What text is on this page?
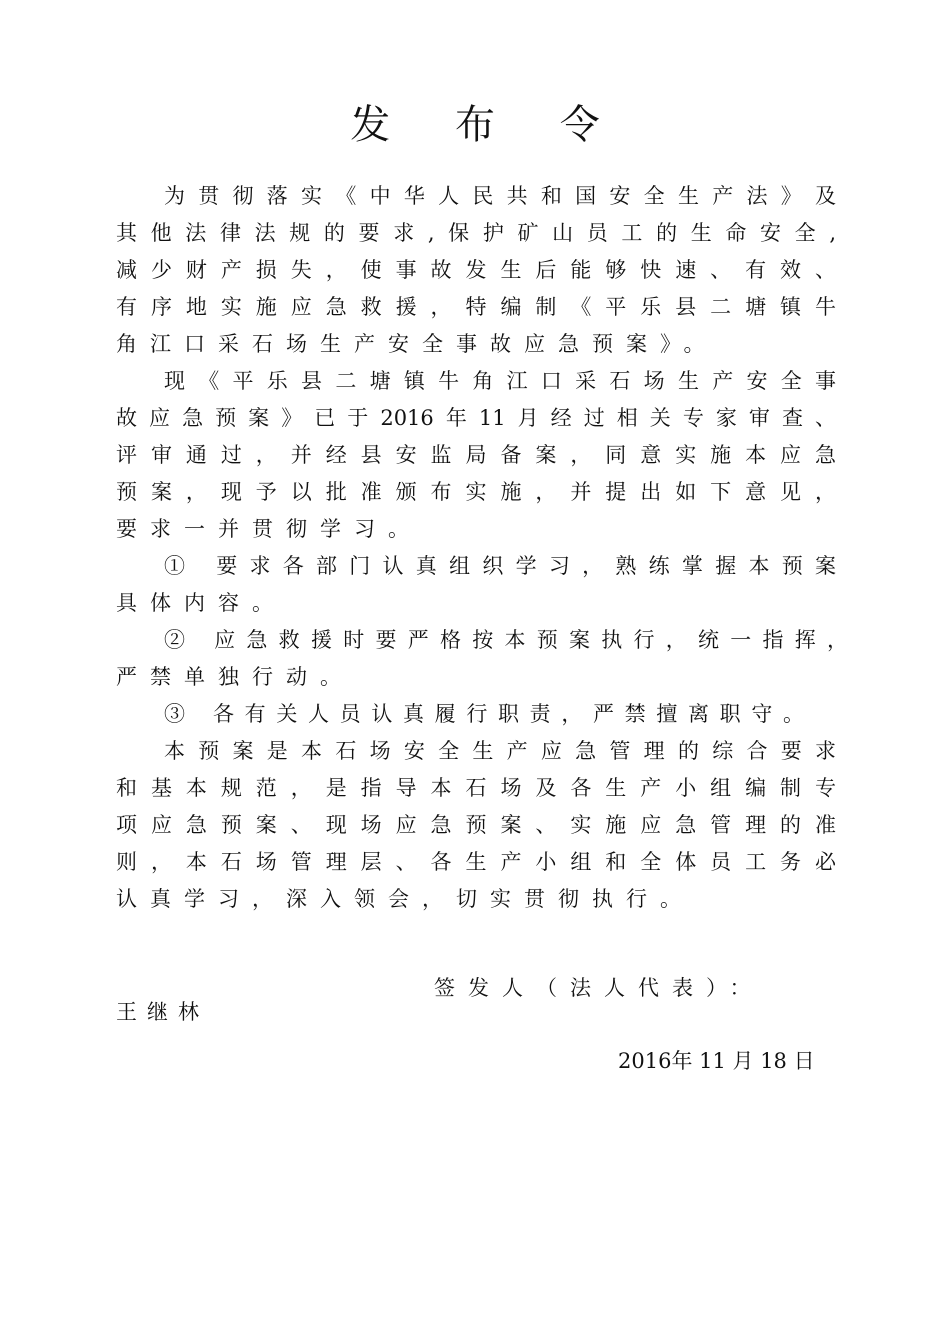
发 布 令
为贯彻落实《中华人民共和国安全生产法》及
其他法律法规的要求,保护矿山员工的生命安全,
减少财产损失，使事故发生后能够快速、有效、
有序地实施应急救援，特编制《平乐县二塘镇牛
角江口采石场生产安全事故应急预案》。
现《平乐县二塘镇牛角江口采石场生产安全事
故应急预案》已于2016年11月经过相关专家审查、
评审通过，并经县安监局备案，同意实施本应急
预案，现予以批准颁布实施，并提出如下意见，
要求一并贯彻学习。
① 要求各部门认真组织学习，熟练掌握本预案
具体内容。
② 应急救援时要严格按本预案执行，统一指挥，
严禁单独行动。
③ 各有关人员认真履行职责，严禁擅离职守。
本预案是本石场安全生产应急管理的综合要求
和基本规范，是指导本石场及各生产小组编制专
项应急预案、现场应急预案、实施应急管理的准
则，本石场管理层、各生产小组和全体员工务必
认真学习，深入领会，切实贯彻执行。
签发人（法人代表）：
王继林
2016年 11 月 18 日
